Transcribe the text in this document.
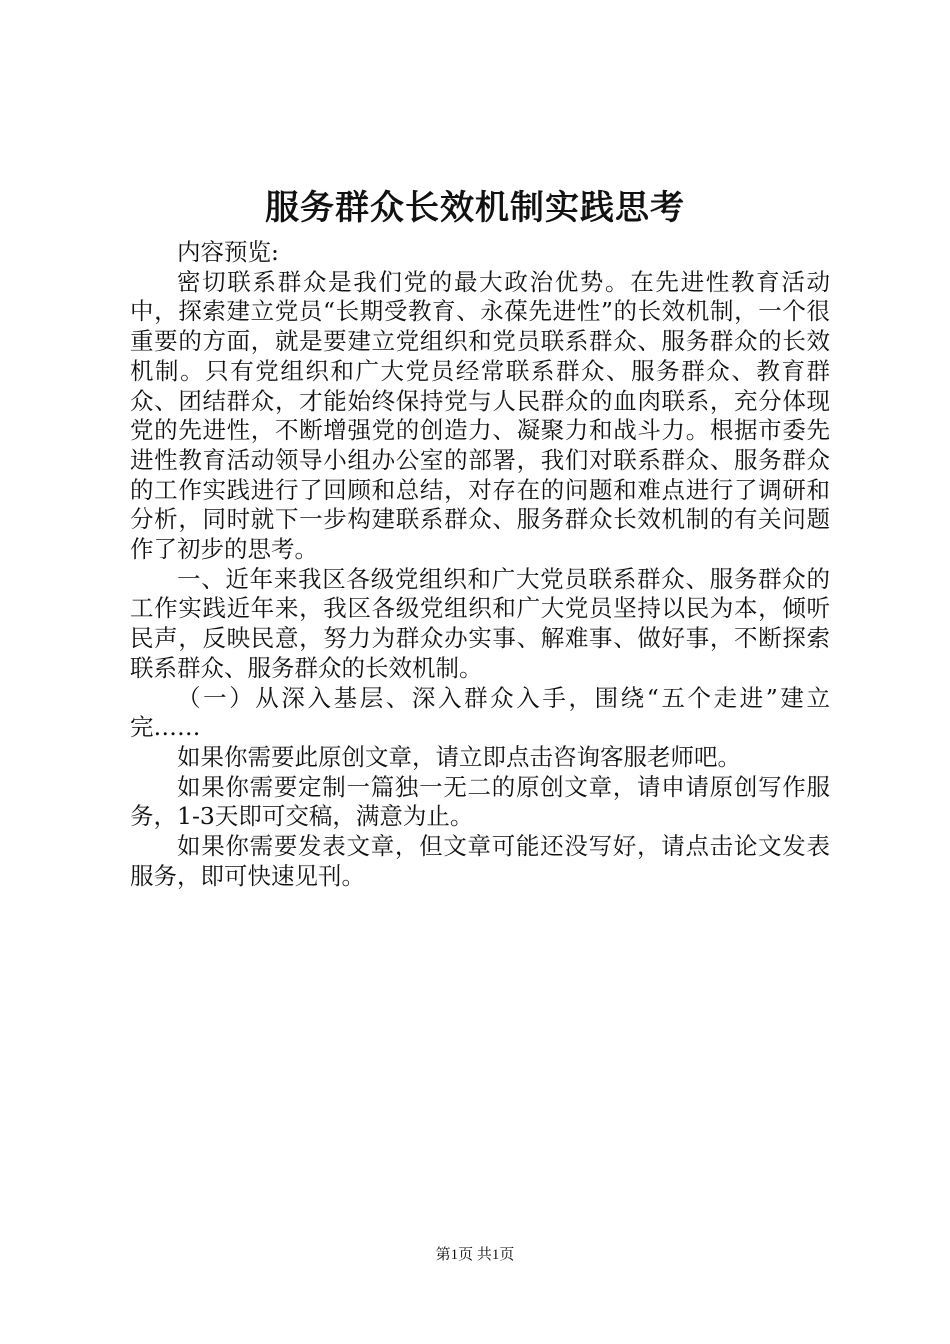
服务群众长效机制实践思考

内容预览:

密切联系群众是我们党的最大政治优势。在先进性教育活动中，探索建立党员“长期受教育、永葆先进性”的长效机制，一个很重要的方面，就是要建立党组织和党员联系群众、服务群众的长效机制。只有党组织和广大党员经常联系群众、服务群众、教育群众、团结群众，才能始终保持党与人民群众的血肉联系，充分体现党的先进性，不断增强党的创造力、凝聚力和战斗力。根据市委先进性教育活动领导小组办公室的部署，我们对联系群众、服务群众的工作实践进行了回顾和总结，对存在的问题和难点进行了调研和分析，同时就下一步构建联系群众、服务群众长效机制的有关问题作了初步的思考。

一、近年来我区各级党组织和广大党员联系群众、服务群众的工作实践近年来，我区各级党组织和广大党员坚持以民为本，倾听民声，反映民意，努力为群众办实事、解难事、做好事，不断探索联系群众、服务群众的长效机制。

（一）从深入基层、深入群众入手，围绕“五个走进”建立完……

如果你需要此原创文章，请立即点击咨询客服老师吧。

如果你需要定制一篇独一无二的原创文章，请申请原创写作服务，1-3天即可交稿，满意为止。

如果你需要发表文章，但文章可能还没写好，请点击论文发表服务，即可快速见刊。

第1页 共1页
